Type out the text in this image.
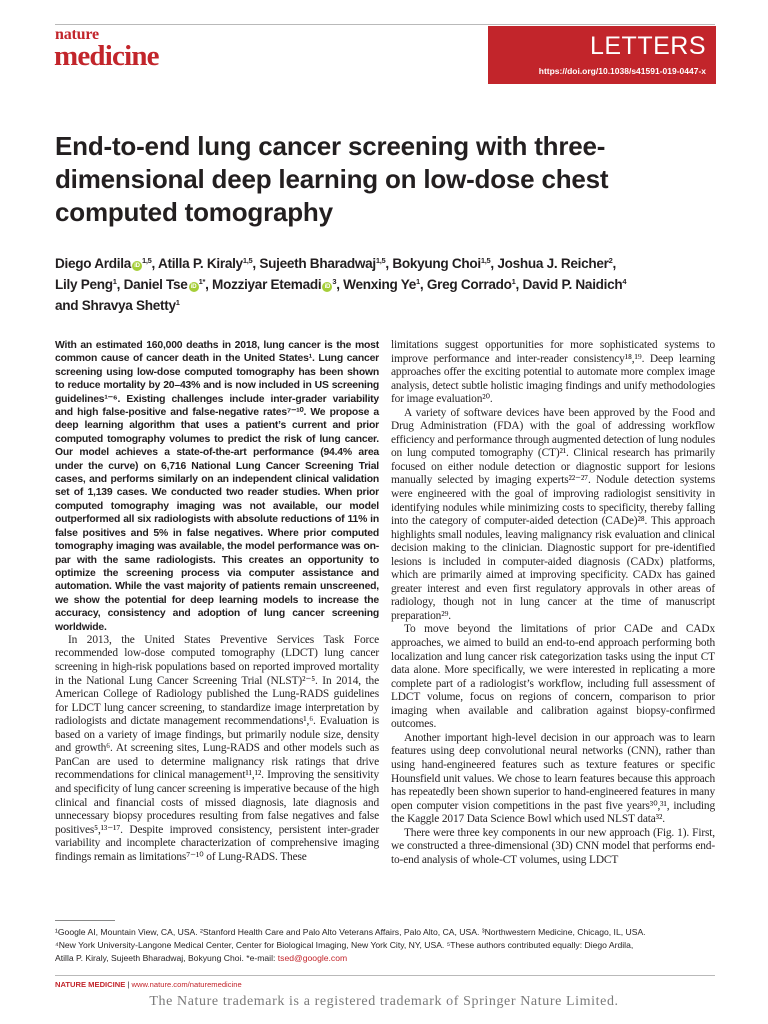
nature
medicine	LETTERS
https://doi.org/10.1038/s41591-019-0447-x
End-to-end lung cancer screening with three-dimensional deep learning on low-dose chest computed tomography
Diego Ardila iD$^{1,5}$, Atilla P. Kiraly$^{1,5}$, Sujeeth Bharadwaj$^{1,5}$, Bokyung Choi$^{1,5}$, Joshua J. Reicher$^2$,
Lily Peng$^1$, Daniel Tse $iD^{1*}$, Mozziyar Etemadi $iD^3$, Wenxing Ye$^1$, Greg Corrado$^1$, David P. Naidich$^4$
and Shravya Shetty$^1$
With an estimated 160,000 deaths in 2018, lung cancer is the most common cause of cancer death in the United States¹. Lung cancer screening using low-dose computed tomography has been shown to reduce mortality by 20–43% and is now included in US screening guidelines¹⁻⁶. Existing challenges include inter-grader variability and high false-positive and false-negative rates⁷⁻¹⁰. We propose a deep learning algorithm that uses a patient’s current and prior computed tomography volumes to predict the risk of lung cancer. Our model achieves a state-of-the-art performance (94.4% area under the curve) on 6,716 National Lung Cancer Screening Trial cases, and performs similarly on an independent clinical validation set of 1,139 cases. We conducted two reader studies. When prior computed tomography imaging was not available, our model outperformed all six radiologists with absolute reductions of 11% in false positives and 5% in false negatives. Where prior computed tomography imaging was available, the model performance was on-par with the same radiologists. This creates an opportunity to optimize the screening process via computer assistance and automation. While the vast majority of patients remain unscreened, we show the potential for deep learning models to increase the accuracy, consistency and adoption of lung cancer screening worldwide.
In 2013, the United States Preventive Services Task Force recommended low-dose computed tomography (LDCT) lung cancer screening in high-risk populations based on reported improved mortality in the National Lung Cancer Screening Trial (NLST)²⁻⁵. In 2014, the American College of Radiology published the Lung-RADS guidelines for LDCT lung cancer screening, to standardize image interpretation by radiologists and dictate management recommendations¹,⁶. Evaluation is based on a variety of image findings, but primarily nodule size, density and growth⁶. At screening sites, Lung-RADS and other models such as PanCan are used to determine malignancy risk ratings that drive recommendations for clinical management¹¹,¹². Improving the sensitivity and specificity of lung cancer screening is imperative because of the high clinical and financial costs of missed diagnosis, late diagnosis and unnecessary biopsy procedures resulting from false negatives and false positives⁵,¹³⁻¹⁷. Despite improved consistency, persistent inter-grader variability and incomplete characterization of comprehensive imaging findings remain as limitations⁷⁻¹⁰ of Lung-RADS. These
limitations suggest opportunities for more sophisticated systems to improve performance and inter-reader consistency¹⁸,¹⁹. Deep learning approaches offer the exciting potential to automate more complex image analysis, detect subtle holistic imaging findings and unify methodologies for image evaluation²⁰.
A variety of software devices have been approved by the Food and Drug Administration (FDA) with the goal of addressing workflow efficiency and performance through augmented detection of lung nodules on lung computed tomography (CT)²¹. Clinical research has primarily focused on either nodule detection or diagnostic support for lesions manually selected by imaging experts²²⁻²⁷. Nodule detection systems were engineered with the goal of improving radiologist sensitivity in identifying nodules while minimizing costs to specificity, thereby falling into the category of computer-aided detection (CADe)²⁸. This approach highlights small nodules, leaving malignancy risk evaluation and clinical decision making to the clinician. Diagnostic support for pre-identified lesions is included in computer-aided diagnosis (CADx) platforms, which are primarily aimed at improving specificity. CADx has gained greater interest and even first regulatory approvals in other areas of radiology, though not in lung cancer at the time of manuscript preparation²⁹.
To move beyond the limitations of prior CADe and CADx approaches, we aimed to build an end-to-end approach performing both localization and lung cancer risk categorization tasks using the input CT data alone. More specifically, we were interested in replicating a more complete part of a radiologist’s workflow, including full assessment of LDCT volume, focus on regions of concern, comparison to prior imaging when available and calibration against biopsy-confirmed outcomes.
Another important high-level decision in our approach was to learn features using deep convolutional neural networks (CNN), rather than using hand-engineered features such as texture features or specific Hounsfield unit values. We chose to learn features because this approach has repeatedly been shown superior to hand-engineered features in many open computer vision competitions in the past five years³⁰,³¹, including the Kaggle 2017 Data Science Bowl which used NLST data³².
There were three key components in our new approach (Fig. 1). First, we constructed a three-dimensional (3D) CNN model that performs end-to-end analysis of whole-CT volumes, using LDCT
¹Google AI, Mountain View, CA, USA. ²Stanford Health Care and Palo Alto Veterans Affairs, Palo Alto, CA, USA. ³Northwestern Medicine, Chicago, IL, USA.
⁴New York University-Langone Medical Center, Center for Biological Imaging, New York City, NY, USA. ⁵These authors contributed equally: Diego Ardila,
Atilla P. Kiraly, Sujeeth Bharadwaj, Bokyung Choi. *e-mail: tsed@google.com
NATURE MEDICINE | www.nature.com/naturemedicine
The Nature trademark is a registered trademark of Springer Nature Limited.
